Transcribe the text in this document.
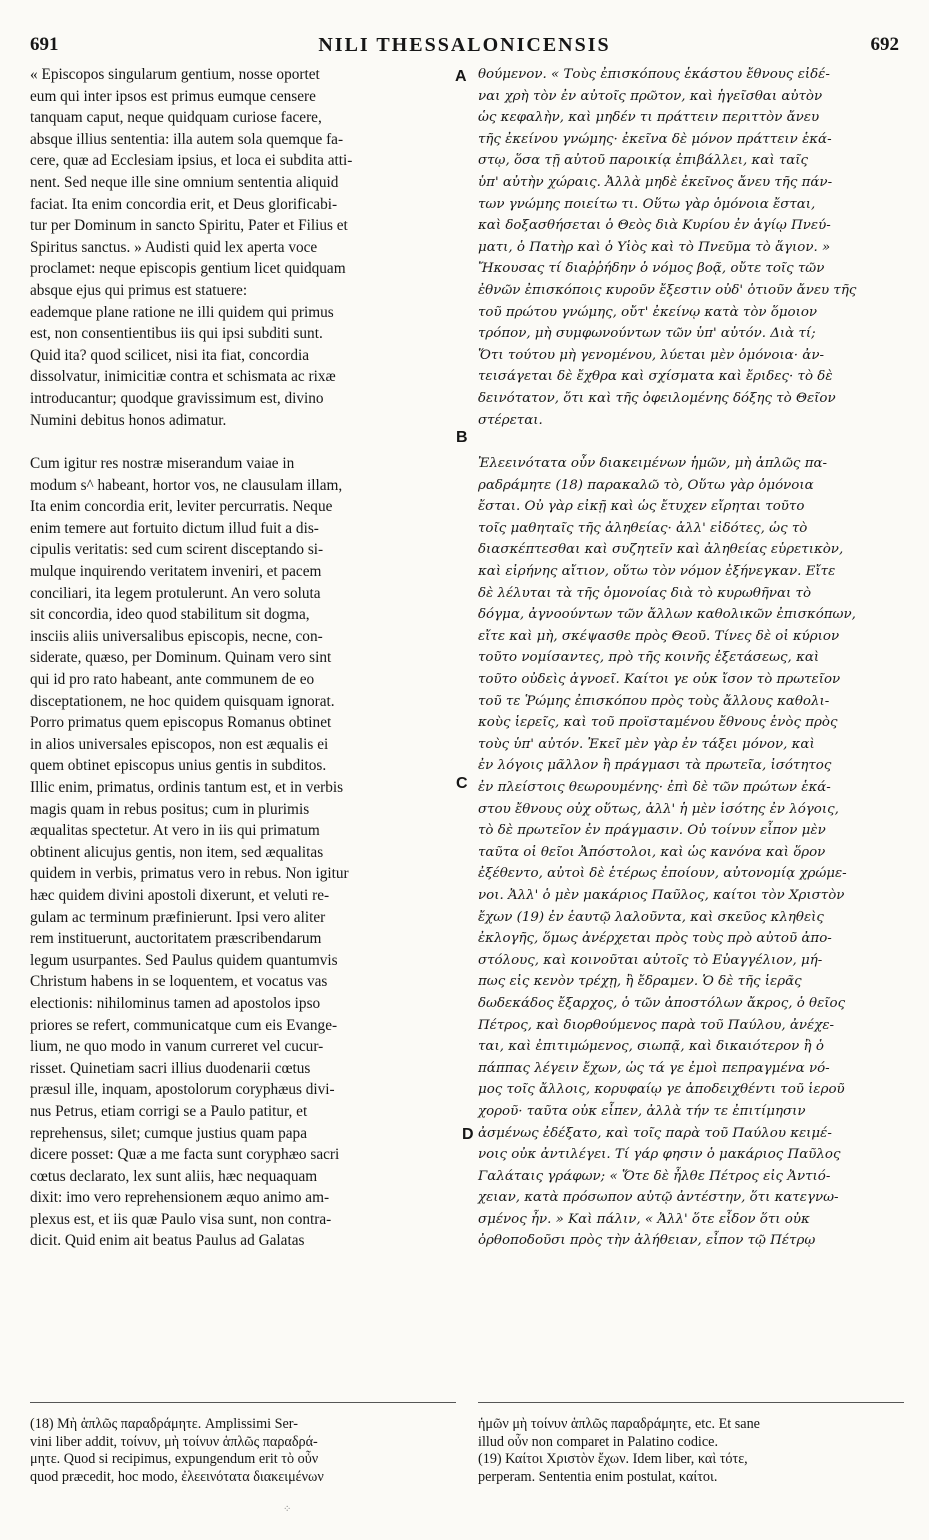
691	NILI THESSALONICENSIS	692

« Episcopos singularum gentium, nosse oportet
eum qui inter ipsos est primus eumque censere
tanquam caput, neque quidquam curiose facere,
absque illius sententia: illa autem sola quemque fa-
cere, quæ ad Ecclesiam ipsius, et loca ei subdita atti-
nent. Sed neque ille sine omnium sententia aliquid
faciat. Ita enim concordia erit, et Deus glorificabi-
tur per Dominum in sancto Spiritu, Pater et Filius et
Spiritus sanctus. » Audisti quid lex aperta voce
proclamet: neque episcopis gentium licet quidquam
absque ejus qui primus est statuere:
eademque plane ratione ne illi quidem qui primus
est, non consentientibus iis qui ipsi subditi sunt.
Quid ita? quod scilicet, nisi ita fiat, concordia
dissolvatur, inimicitiæ contra et schismata ac rixæ
introducantur; quodque gravissimum est, divino
Numini debitus honos adimatur.

Cum igitur res nostræ miserandum vaiae in
modum s^ habeant, hortor vos, ne clausulam illam,
Ita enim concordia erit, leviter percurratis. Neque
enim temere aut fortuito dictum illud fuit a dis-
cipulis veritatis: sed cum scirent disceptando si-
mulque inquirendo veritatem inveniri, et pacem
conciliari, ita legem protulerunt. An vero soluta
sit concordia, ideo quod stabilitum sit dogma,
insciis aliis universalibus episcopis, necne, con-
siderate, quæso, per Dominum. Quinam vero sint
qui id pro rato habeant, ante communem de eo
disceptationem, ne hoc quidem quisquam ignorat.
Porro primatus quem episcopus Romanus obtinet
in alios universales episcopos, non est æqualis ei
quem obtinet episcopus unius gentis in subditos.
Illic enim, primatus, ordinis tantum est, et in verbis
magis quam in rebus positus; cum in plurimis
æqualitas spectetur. At vero in iis qui primatum
obtinent alicujus gentis, non item, sed æqualitas
quidem in verbis, primatus vero in rebus. Non igitur
hæc quidem divini apostoli dixerunt, et veluti re-
gulam ac terminum præfinierunt. Ipsi vero aliter
rem instituerunt, auctoritatem præscribendarum
legum usurpantes. Sed Paulus quidem quantumvis
Christum habens in se loquentem, et vocatus vas
electionis: nihilominus tamen ad apostolos ipso
priores se refert, communicatque cum eis Evange-
lium, ne quo modo in vanum curreret vel cucur-
risset. Quinetiam sacri illius duodenarii cœtus
præsul ille, inquam, apostolorum coryphæus divi-
nus Petrus, etiam corrigi se a Paulo patitur, et
reprehensus, silet; cumque justius quam papa
dicere posset: Quæ a me facta sunt coryphæo sacri
cœtus declarato, lex sunt aliis, hæc nequaquam
dixit: imo vero reprehensionem æquo animo am-
plexus est, et iis quæ Paulo visa sunt, non contra-
dicit. Quid enim ait beatus Paulus ad Galatas

θούμενον. « Τοὺς ἐπισκόπους ἑκάστου ἔθνους εἰδέ-
ναι χρὴ τὸν ἐν αὐτοῖς πρῶτον, καὶ ἡγεῖσθαι αὐτὸν
ὡς κεφαλὴν, καὶ μηδέν τι πράττειν περιττὸν ἄνευ
τῆς ἐκείνου γνώμης· ἐκεῖνα δὲ μόνον πράττειν ἑκά-
στῳ, ὅσα τῇ αὐτοῦ παροικίᾳ ἐπιβάλλει, καὶ ταῖς
ὑπ' αὐτὴν χώραις. Ἀλλὰ μηδὲ ἐκεῖνος ἄνευ τῆς πάν-
των γνώμης ποιείτω τι. Οὕτω γὰρ ὁμόνοια ἔσται,
καὶ δοξασθήσεται ὁ Θεὸς διὰ Κυρίου ἐν ἁγίῳ Πνεύ-
ματι, ὁ Πατὴρ καὶ ὁ Υἱὸς καὶ τὸ Πνεῦμα τὸ ἅγιον. »
Ἤκουσας τί διαῤῥήδην ὁ νόμος βοᾷ, οὔτε τοῖς τῶν
ἐθνῶν ἐπισκόποις κυροῦν ἔξεστιν οὐδ' ὁτιοῦν ἄνευ τῆς
τοῦ πρώτου γνώμης, οὔτ' ἐκείνῳ κατὰ τὸν ὅμοιον
τρόπον, μὴ συμφωνούντων τῶν ὑπ' αὐτόν. Διὰ τί;
Ὅτι τούτου μὴ γενομένου, λύεται μὲν ὁμόνοια· ἀν-
τεισάγεται δὲ ἔχθρα καὶ σχίσματα καὶ ἔριδες· τὸ δὲ
δεινότατον, ὅτι καὶ τῆς ὀφειλομένης δόξης τὸ Θεῖον
στέρεται.

Ἐλεεινότατα οὖν διακειμένων ἡμῶν, μὴ ἁπλῶς πα-
ραδράμητε (18) παρακαλῶ τὸ, Οὕτω γὰρ ὁμόνοια
ἔσται. Οὐ γὰρ εἰκῇ καὶ ὡς ἔτυχεν εἴρηται τοῦτο
τοῖς μαθηταῖς τῆς ἀληθείας· ἀλλ' εἰδότες, ὡς τὸ
διασκέπτεσθαι καὶ συζητεῖν καὶ ἀληθείας εὑρετικὸν,
καὶ εἰρήνης αἴτιον, οὕτω τὸν νόμον ἐξήνεγκαν. Εἴτε
δὲ λέλυται τὰ τῆς ὁμονοίας διὰ τὸ κυρωθῆναι τὸ
δόγμα, ἀγνοούντων τῶν ἄλλων καθολικῶν ἐπισκόπων,
εἴτε καὶ μὴ, σκέψασθε πρὸς Θεοῦ. Τίνες δὲ οἱ κύριον
τοῦτο νομίσαντες, πρὸ τῆς κοινῆς ἐξετάσεως, καὶ
τοῦτο οὐδεὶς ἀγνοεῖ. Καίτοι γε οὐκ ἴσον τὸ πρωτεῖον
τοῦ τε Ῥώμης ἐπισκόπου πρὸς τοὺς ἄλλους καθολι-
κοὺς ἱερεῖς, καὶ τοῦ προϊσταμένου ἔθνους ἑνὸς πρὸς
τοὺς ὑπ' αὐτόν. Ἐκεῖ μὲν γὰρ ἐν τάξει μόνον, καὶ
ἐν λόγοις μᾶλλον ἢ πράγμασι τὰ πρωτεῖα, ἰσότητος
ἐν πλείστοις θεωρουμένης· ἐπὶ δὲ τῶν πρώτων ἑκά-
στου ἔθνους οὐχ οὕτως, ἀλλ' ἡ μὲν ἰσότης ἐν λόγοις,
τὸ δὲ πρωτεῖον ἐν πράγμασιν. Οὐ τοίνυν εἶπον μὲν
ταῦτα οἱ θεῖοι Ἀπόστολοι, καὶ ὡς κανόνα καὶ ὅρον
ἐξέθεντο, αὐτοὶ δὲ ἑτέρως ἐποίουν, αὐτονομίᾳ χρώμε-
νοι. Ἀλλ' ὁ μὲν μακάριος Παῦλος, καίτοι τὸν Χριστὸν
ἔχων (19) ἐν ἑαυτῷ λαλοῦντα, καὶ σκεῦος κληθεὶς
ἐκλογῆς, ὅμως ἀνέρχεται πρὸς τοὺς πρὸ αὐτοῦ ἀπο-
στόλους, καὶ κοινοῦται αὐτοῖς τὸ Εὐαγγέλιον, μή-
πως εἰς κενὸν τρέχῃ, ἢ ἔδραμεν. Ὁ δὲ τῆς ἱερᾶς
δωδεκάδος ἔξαρχος, ὁ τῶν ἀποστόλων ἄκρος, ὁ θεῖος
Πέτρος, καὶ διορθούμενος παρὰ τοῦ Παύλου, ἀνέχε-
ται, καὶ ἐπιτιμώμενος, σιωπᾷ, καὶ δικαιότερον ἢ ὁ
πάππας λέγειν ἔχων, ὡς τά γε ἐμοὶ πεπραγμένα νό-
μος τοῖς ἄλλοις, κορυφαίῳ γε ἀποδειχθέντι τοῦ ἱεροῦ
χοροῦ· ταῦτα οὐκ εἶπεν, ἀλλὰ τήν τε ἐπιτίμησιν
ἀσμένως ἐδέξατο, καὶ τοῖς παρὰ τοῦ Παύλου κειμέ-
νοις οὐκ ἀντιλέγει. Τί γάρ φησιν ὁ μακάριος Παῦλος
Γαλάταις γράφων; « Ὅτε δὲ ἦλθε Πέτρος εἰς Ἀντιό-
χειαν, κατὰ πρόσωπον αὐτῷ ἀντέστην, ὅτι κατεγνω-
σμένος ἦν. » Καὶ πάλιν, « Ἀλλ' ὅτε εἶδον ὅτι οὐκ
ὀρθοποδοῦσι πρὸς τὴν ἀλήθειαν, εἶπον τῷ Πέτρῳ

A
B
C
D
(18) Μὴ ἁπλῶς παραδράμητε. Amplissimi Ser-
vini liber addit, τοίνυν, μὴ τοίνυν ἁπλῶς παραδρά-
μητε. Quod si recipimus, expungendum erit τὸ οὖν
quod præcedit, hoc modo, ἐλεεινότατα διακειμένων
ἡμῶν μὴ τοίνυν ἁπλῶς παραδράμητε, etc. Et sane
illud οὖν non comparet in Palatino codice.
(19) Καίτοι Χριστὸν ἔχων. Idem liber, καὶ τότε,
perperam. Sententia enim postulat, καίτοι.
⁘
